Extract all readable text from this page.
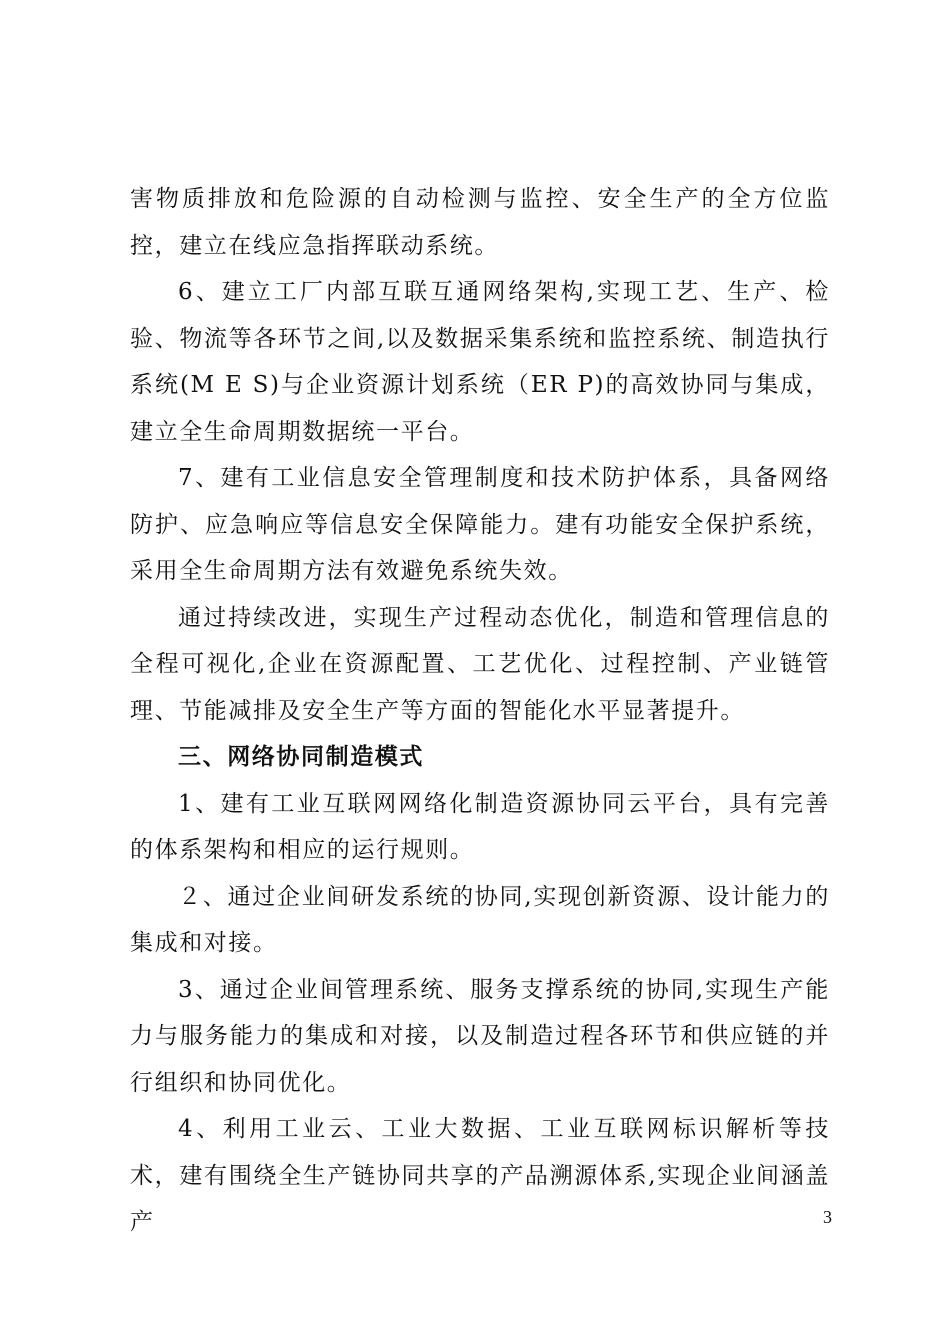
害物质排放和危险源的自动检测与监控、安全生产的全方位监控，建立在线应急指挥联动系统。

6、建立工厂内部互联互通网络架构,实现工艺、生产、检验、物流等各环节之间,以及数据采集系统和监控系统、制造执行系统(M E S)与企业资源计划系统（ER P)的高效协同与集成，建立全生命周期数据统一平台。

7、建有工业信息安全管理制度和技术防护体系，具备网络防护、应急响应等信息安全保障能力。建有功能安全保护系统，采用全生命周期方法有效避免系统失效。

通过持续改进，实现生产过程动态优化，制造和管理信息的全程可视化,企业在资源配置、工艺优化、过程控制、产业链管理、节能减排及安全生产等方面的智能化水平显著提升。

三、网络协同制造模式

1、建有工业互联网网络化制造资源协同云平台，具有完善的体系架构和相应的运行规则。

２、通过企业间研发系统的协同,实现创新资源、设计能力的集成和对接。

3、通过企业间管理系统、服务支撑系统的协同,实现生产能力与服务能力的集成和对接，以及制造过程各环节和供应链的并行组织和协同优化。

4、利用工业云、工业大数据、工业互联网标识解析等技术，建有围绕全生产链协同共享的产品溯源体系,实现企业间涵盖产	3
